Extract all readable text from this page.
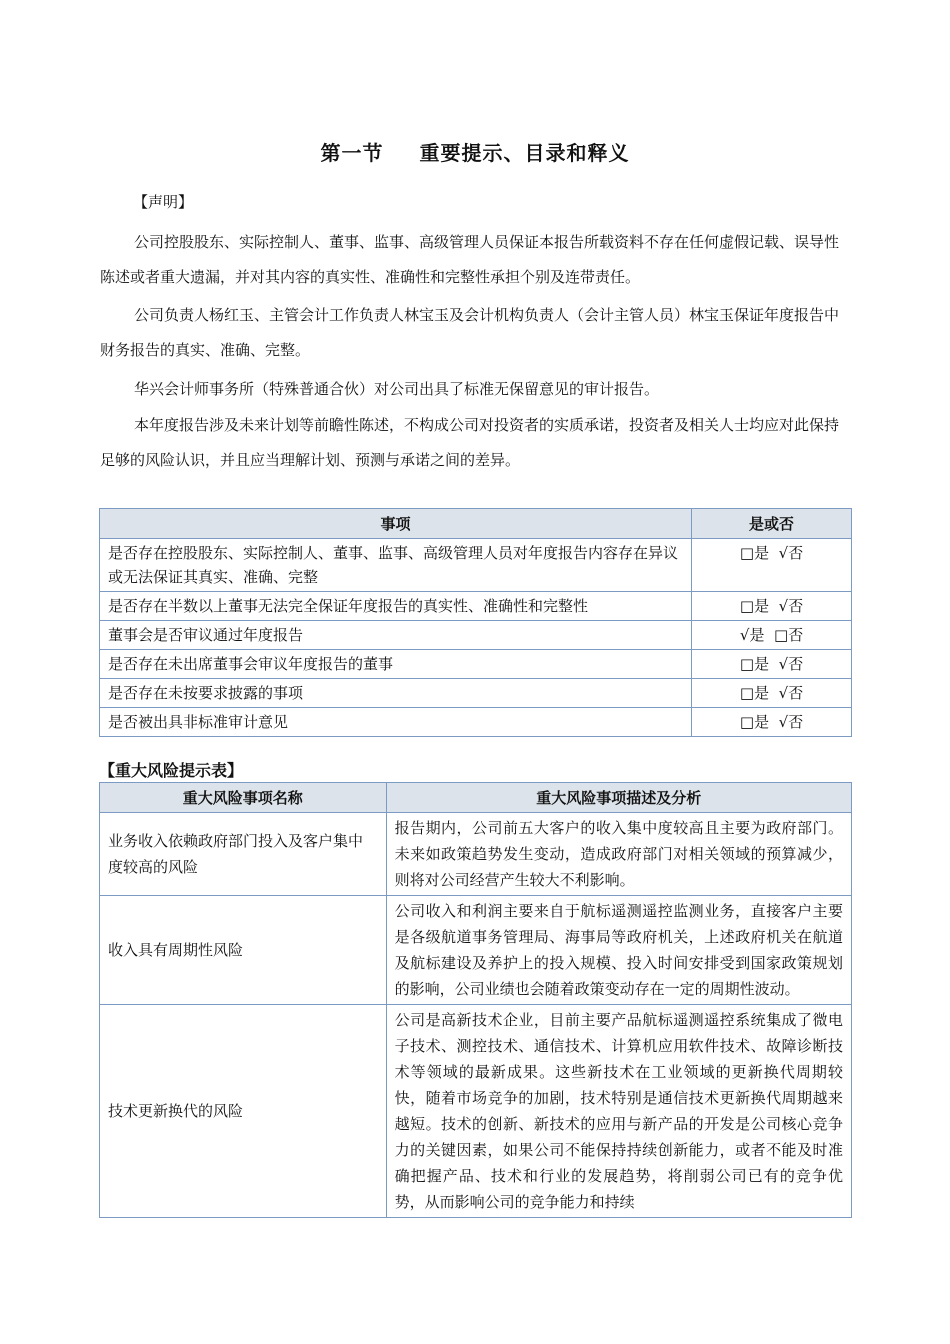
第一节 重要提示、目录和释义
【声明】
公司控股股东、实际控制人、董事、监事、高级管理人员保证本报告所载资料不存在任何虚假记载、误导性陈述或者重大遗漏，并对其内容的真实性、准确性和完整性承担个别及连带责任。
公司负责人杨红玉、主管会计工作负责人林宝玉及会计机构负责人（会计主管人员）林宝玉保证年度报告中财务报告的真实、准确、完整。
华兴会计师事务所（特殊普通合伙）对公司出具了标准无保留意见的审计报告。
本年度报告涉及未来计划等前瞻性陈述，不构成公司对投资者的实质承诺，投资者及相关人士均应对此保持足够的风险认识，并且应当理解计划、预测与承诺之间的差异。
事项	是或否
是否存在控股股东、实际控制人、董事、监事、高级管理人员对年度报告内容存在异议或无法保证其真实、准确、完整	□是  √否
是否存在半数以上董事无法完全保证年度报告的真实性、准确性和完整性	□是  √否
董事会是否审议通过年度报告	√是  □否
是否存在未出席董事会审议年度报告的董事	□是  √否
是否存在未按要求披露的事项	□是  √否
是否被出具非标准审计意见	□是  √否
【重大风险提示表】
重大风险事项名称	重大风险事项描述及分析
业务收入依赖政府部门投入及客户集中度较高的风险	报告期内，公司前五大客户的收入集中度较高且主要为政府部门。未来如政策趋势发生变动，造成政府部门对相关领域的预算减少，则将对公司经营产生较大不利影响。
收入具有周期性风险	公司收入和利润主要来自于航标遥测遥控监测业务，直接客户主要是各级航道事务管理局、海事局等政府机关，上述政府机关在航道及航标建设及养护上的投入规模、投入时间安排受到国家政策规划的影响，公司业绩也会随着政策变动存在一定的周期性波动。
技术更新换代的风险	公司是高新技术企业，目前主要产品航标遥测遥控系统集成了微电子技术、测控技术、通信技术、计算机应用软件技术、故障诊断技术等领域的最新成果。这些新技术在工业领域的更新换代周期较快，随着市场竞争的加剧，技术特别是通信技术更新换代周期越来越短。技术的创新、新技术的应用与新产品的开发是公司核心竞争力的关键因素，如果公司不能保持持续创新能力，或者不能及时准确把握产品、技术和行业的发展趋势，将削弱公司已有的竞争优势，从而影响公司的竞争能力和持续
